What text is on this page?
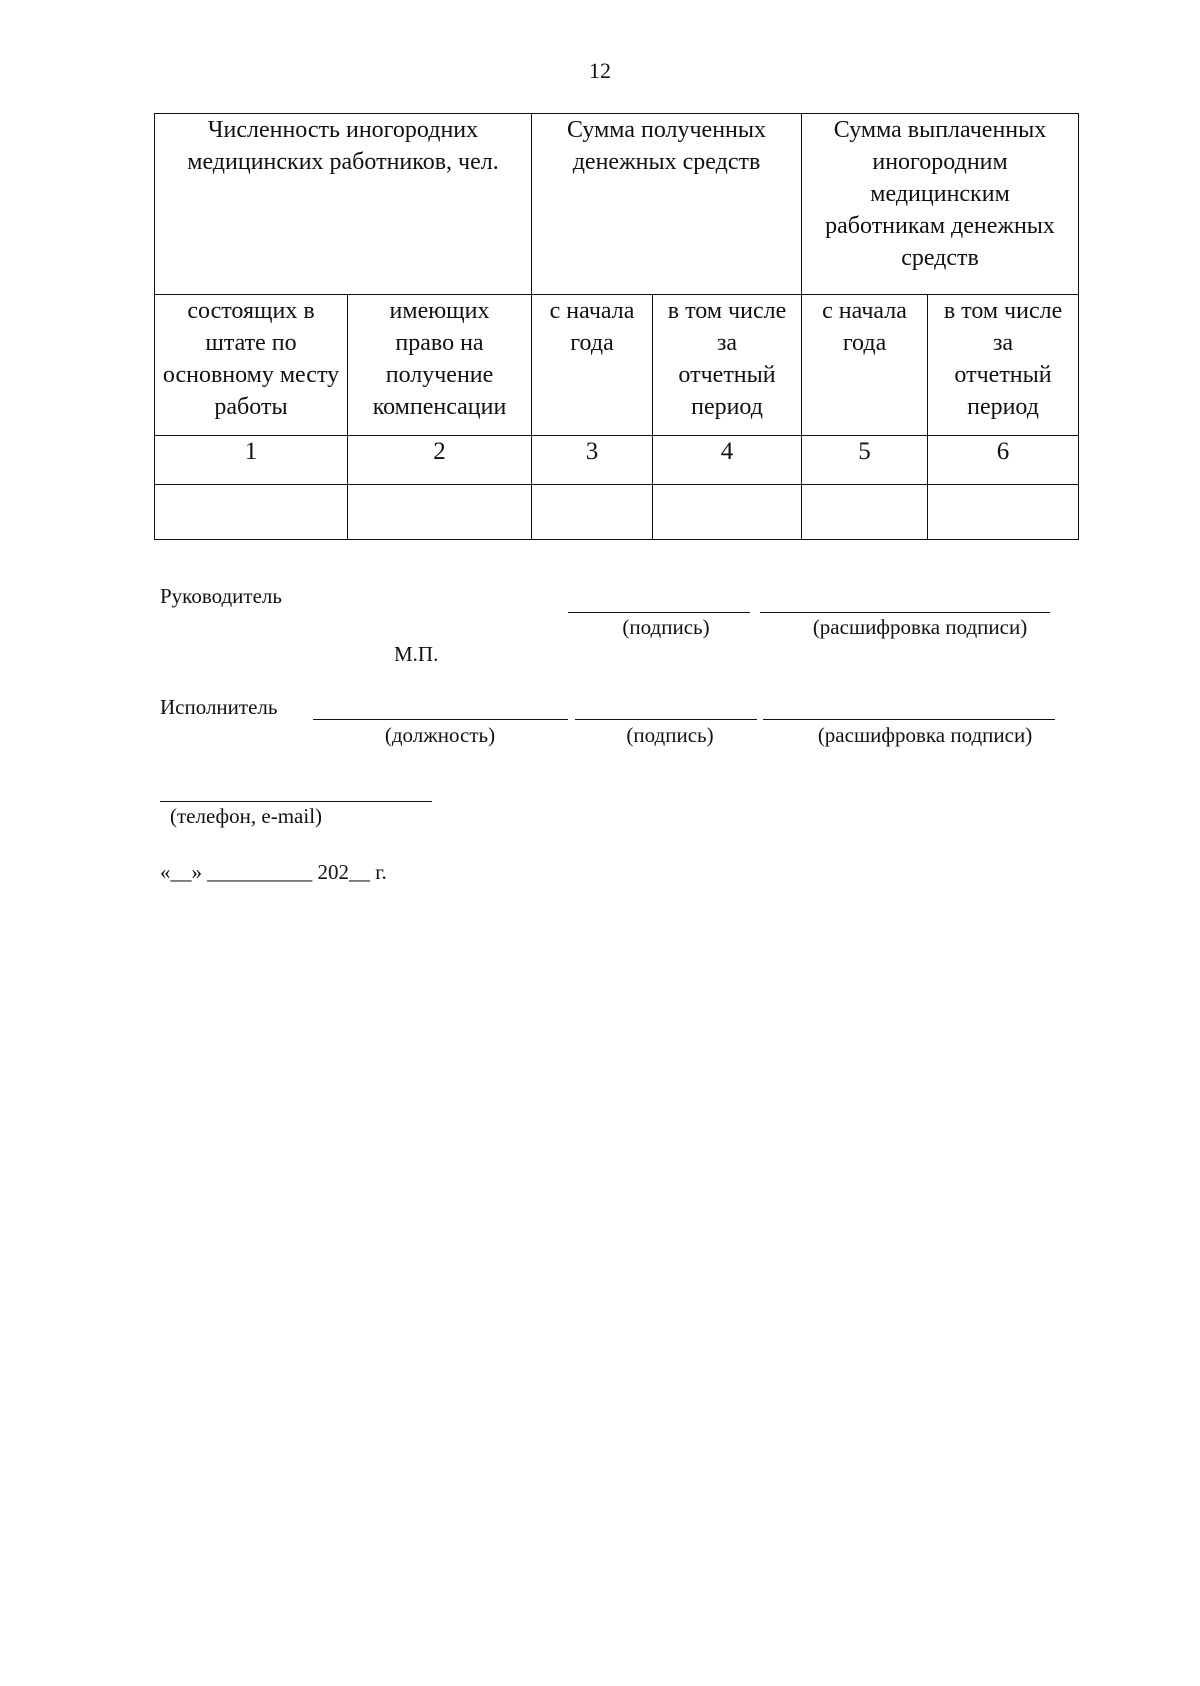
12
Численность иногородних медицинских работников, чел.		Сумма полученных денежных средств		Сумма выплаченных иногородним медицинским работникам денежных средств	
состоящих в штате по основному месту работы	имеющих право на получение компенсации	с начала года	в том числе за отчетный период	с начала года	в том числе за отчетный период
1	2	3	4	5	6

Руководитель
(подпись)	(расшифровка подписи)
М.П.
Исполнитель
(должность)	(подпись)	(расшифровка подписи)
(телефон, e-mail)
«__» __________ 202__ г.
